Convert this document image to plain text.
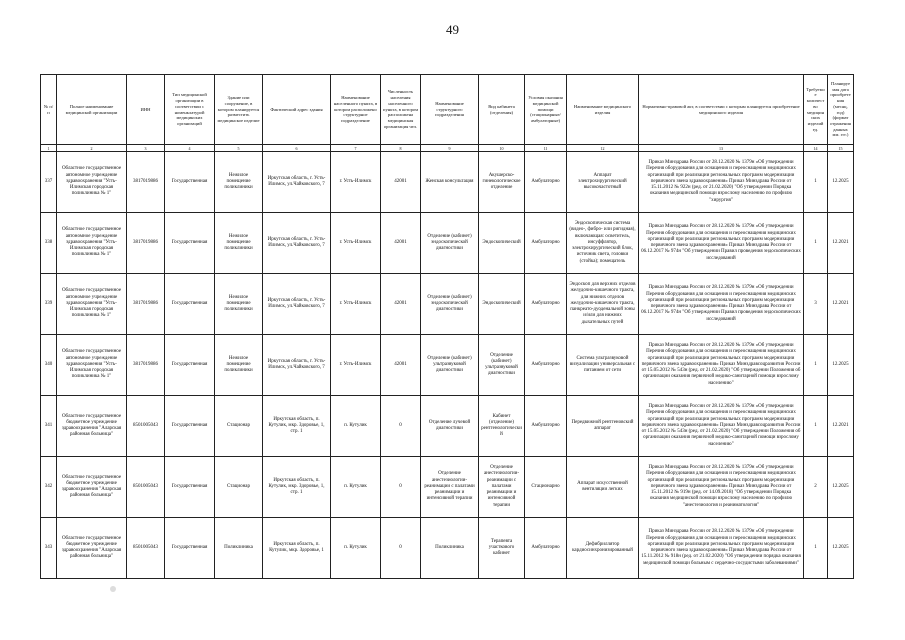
49
№ п/п	Полное наименование медицинской организации	ИНН	Тип медицинской организации в соответствии с номенклатурой медицинских организаций	Здание или сооружение, в котором планируется разместить медицинское изделие	Фактический адрес здания	Наименование населенного пункта, в котором расположено структурное подразделение	Численность населения населенного пункта, в котором расположена медицинская организация чел.	Наименование структурного подразделения	Вид кабинета (отделения)	Условия оказания медицинской помощи (стационарные/амбулаторные)	Наименование медицинского изделия	Нормативно-правовой акт, в соответствии с которым планируется приобретение медицинского изделия	Требуемое количество медицинских изделий ед.	Планируемая дата приобретения (месяц, год) (формат отражения данных мм. ггг.)
1	2	3	4	5	6	7	8	9	10	11	12	13	14	15
337	Областное государственное автономное учреждение здравоохранения "Усть-Илимская городская поликлиника № 1"	3817019886	Государственная	Нежилое помещение поликлиники	Иркутская область, г. Усть-Илимск, ул.Чайковского, 7	г. Усть-Илимск	42001	Женская консультация	Акушерско-гинекологическое отделение	Амбулаторно	Аппарат электрохирургический высокочастотный	Приказ Минздрава России от 28.12.2020 № 1379н «Об утверждении Перечня оборудования для оснащения и переоснащения медицинских организаций при реализации региональных программ модернизации первичного звена здравоохранения» Приказ Минздрава России от 15.11.2012 № 922н (ред. от 21.02.2020) "Об утверждении Порядка оказания медицинской помощи взрослому населению по профилю "хирургия"	1	12.2025
338	Областное государственное автономное учреждение здравоохранения "Усть-Илимская городская поликлиника № 1"	3817019886	Государственная	Нежилое помещение поликлиники	Иркутская область, г. Усть-Илимск, ул.Чайковского, 7	г. Усть-Илимск	42001	Отделение (кабинет) эндоскопической диагностики	Эндоскопический	Амбулаторно	Эндоскопическая система (видео-, фибро- или ригидная), включающая: осветитель, инсуффлятор, электрохирургический блок, источник света, головки (стойка); помещатель	Приказ Минздрава России от 28.12.2020 № 1379н «Об утверждении Перечня оборудования для оснащения и переоснащения медицинских организаций при реализации региональных программ модернизации первичного звена здравоохранения» Приказ Минздрава России от 06.12.2017 № 974н "Об утверждении Правил проведения эндоскопических исследований	1	12.2021
339	Областное государственное автономное учреждение здравоохранения "Усть-Илимская городская поликлиника № 1"	3817019886	Государственная	Нежилое помещение поликлиники	Иркутская область, г. Усть-Илимск, ул.Чайковского, 7	г. Усть-Илимск	42001	Отделение (кабинет) эндоскопической диагностики	Эндоскопический	Амбулаторно	Эндоскоп для верхних отделов желудочно-кишечного тракта, для нижних отделов желудочно-кишечного тракта, панкреато-дуоденальной зоны и/или для нижних дыхательных путей	Приказ Минздрава России от 28.12.2020 № 1379н «Об утверждении Перечня оборудования для оснащения и переоснащения медицинских организаций при реализации региональных программ модернизации первичного звена здравоохранения» Приказ Минздрава России от 06.12.2017 № 974н "Об утверждении Правил проведения эндоскопических исследований	3	12.2021
340	Областное государственное автономное учреждение здравоохранения "Усть-Илимская городская поликлиника № 1"	3817019886	Государственная	Нежилое помещение поликлиники	Иркутская область, г. Усть-Илимск, ул.Чайковского, 7	г. Усть-Илимск	42001	Отделение (кабинет) ультразвуковой диагностики	Отделение (кабинет) ультразвуковой диагностики	Амбулаторно	Система ультразвуковой визуализации универсальная с питанием от сети	Приказ Минздрава России от 28.12.2020 № 1379н «Об утверждении Перечня оборудования для оснащения и переоснащения медицинских организаций при реализации региональных программ модернизации первичного звена здравоохранения» Приказ Минздравсоцразвития России от 15.05.2012 № 543н (ред. от 21.02.2020) "Об утверждении Положения об организации оказания первичной медико-санитарной помощи взрослому населению"	1	12.2025
341	Областное государственное бюджетное учреждение здравоохранения "Аларская районная больница"	8501005043	Государственная	Стационар	Иркутская область, п. Кутулик, мкр. Здоровье, 1, стр. 1	п. Кутулик	0	Отделение лучевой диагностики	Кабинет (отделение) рентгенологический	Амбулаторно	Передвижной рентгеновский аппарат	Приказ Минздрава России от 28.12.2020 № 1379н «Об утверждении Перечня оборудования для оснащения и переоснащения медицинских организаций при реализации региональных программ модернизации первичного звена здравоохранения» Приказ Минздравсоцразвития России от 15.05.2012 № 543н (ред. от 21.02.2020) "Об утверждении Положения об организации оказания первичной медико-санитарной помощи взрослому населению"	1	12.2021
342	Областное государственное бюджетное учреждение здравоохранения "Аларская районная больница"	8501005043	Государственная	Стационар	Иркутская область, п. Кутулик, мкр. Здоровье, 1, стр. 1	п. Кутулик	0	Отделение анестезиологии-реанимации с палатами реанимации и интенсивной терапии	Отделение анестезиологии-реанимации с палатами реанимации и интенсивной терапии	Стационарно	Аппарат искусственной вентиляции легких	Приказ Минздрава России от 28.12.2020 № 1379н «Об утверждении Перечня оборудования для оснащения и переоснащения медицинских организаций при реализации региональных программ модернизации первичного звена здравоохранения» Приказ Минздрава России от 15.11.2012 № 919н (ред. от 14.09.2018) "Об утверждении Порядка оказания медицинской помощи взрослому населению по профилю "анестезиология и реаниматология"	2	12.2025
343	Областное государственное бюджетное учреждение здравоохранения "Аларская районная больница"	8501005043	Государственная	Поликлиника	Иркутская область, п. Кутулик, мкр. Здоровье, 1	п. Кутулик	0	Поликлиника	Терапевта участкового кабинет	Амбулаторно	Дефибриллятор кардиосинхронизированный	Приказ Минздрава России от 28.12.2020 № 1379н «Об утверждении Перечня оборудования для оснащения и переоснащения медицинских организаций при реализации региональных программ модернизации первичного звена здравоохранения» Приказ Минздрава России от 15.11.2012 № 918н (ред. от 21.02.2020) "Об утверждении порядка оказания медицинской помощи больным с сердечно-сосудистыми заболеваниями"	1	12.2025
